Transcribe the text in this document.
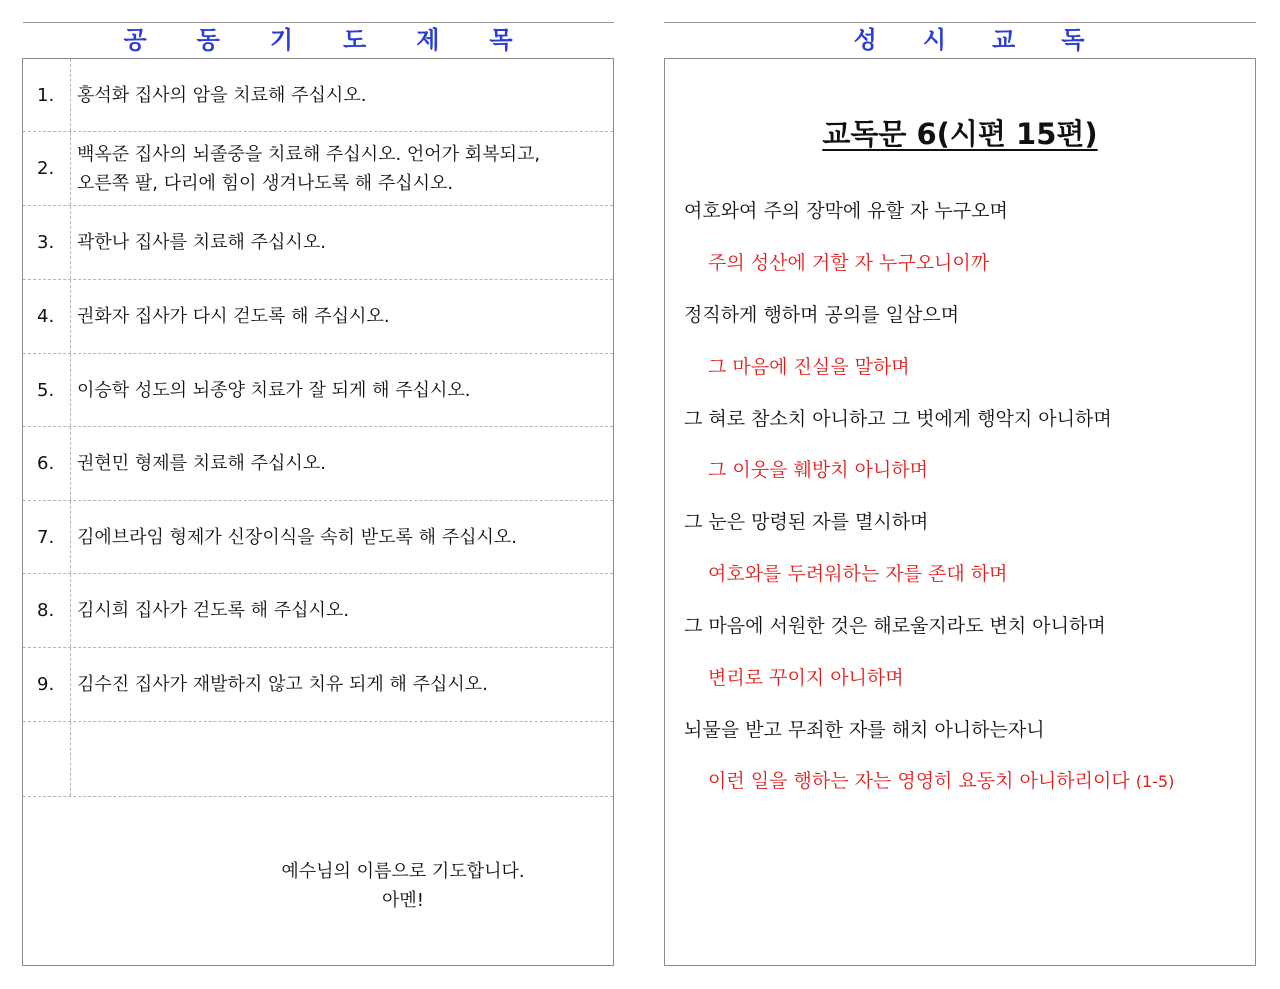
공 동 기 도 제 목
1.	홍석화 집사의 암을 치료해 주십시오.
2.
백옥준 집사의 뇌졸중을 치료해 주십시오. 언어가 회복되고,
오른쪽 팔, 다리에 힘이 생겨나도록 해 주십시오.
3.	곽한나 집사를 치료해 주십시오.
4.	권화자 집사가 다시 걷도록 해 주십시오.
5.	이승학 성도의 뇌종양 치료가 잘 되게 해 주십시오.
6.	권현민 형제를 치료해 주십시오.
7.	김에브라임 형제가 신장이식을 속히 받도록 해 주십시오.
8.	김시희 집사가 걷도록 해 주십시오.
9.	김수진 집사가 재발하지 않고 치유 되게 해 주십시오.
예수님의 이름으로 기도합니다.
아멘!
성 시 교 독
교독문 6(시편 15편)
여호와여 주의 장막에 유할 자 누구오며
주의 성산에 거할 자 누구오니이까
정직하게 행하며 공의를 일삼으며
그 마음에 진실을 말하며
그 혀로 참소치 아니하고 그 벗에게 행악지 아니하며
그 이웃을 훼방치 아니하며
그 눈은 망령된 자를 멸시하며
여호와를 두려워하는 자를 존대 하며
그 마음에 서원한 것은 해로울지라도 변치 아니하며
변리로 꾸이지 아니하며
뇌물을 받고 무죄한 자를 해치 아니하는자니
이런 일을 행하는 자는 영영히 요동치 아니하리이다 (1-5)
